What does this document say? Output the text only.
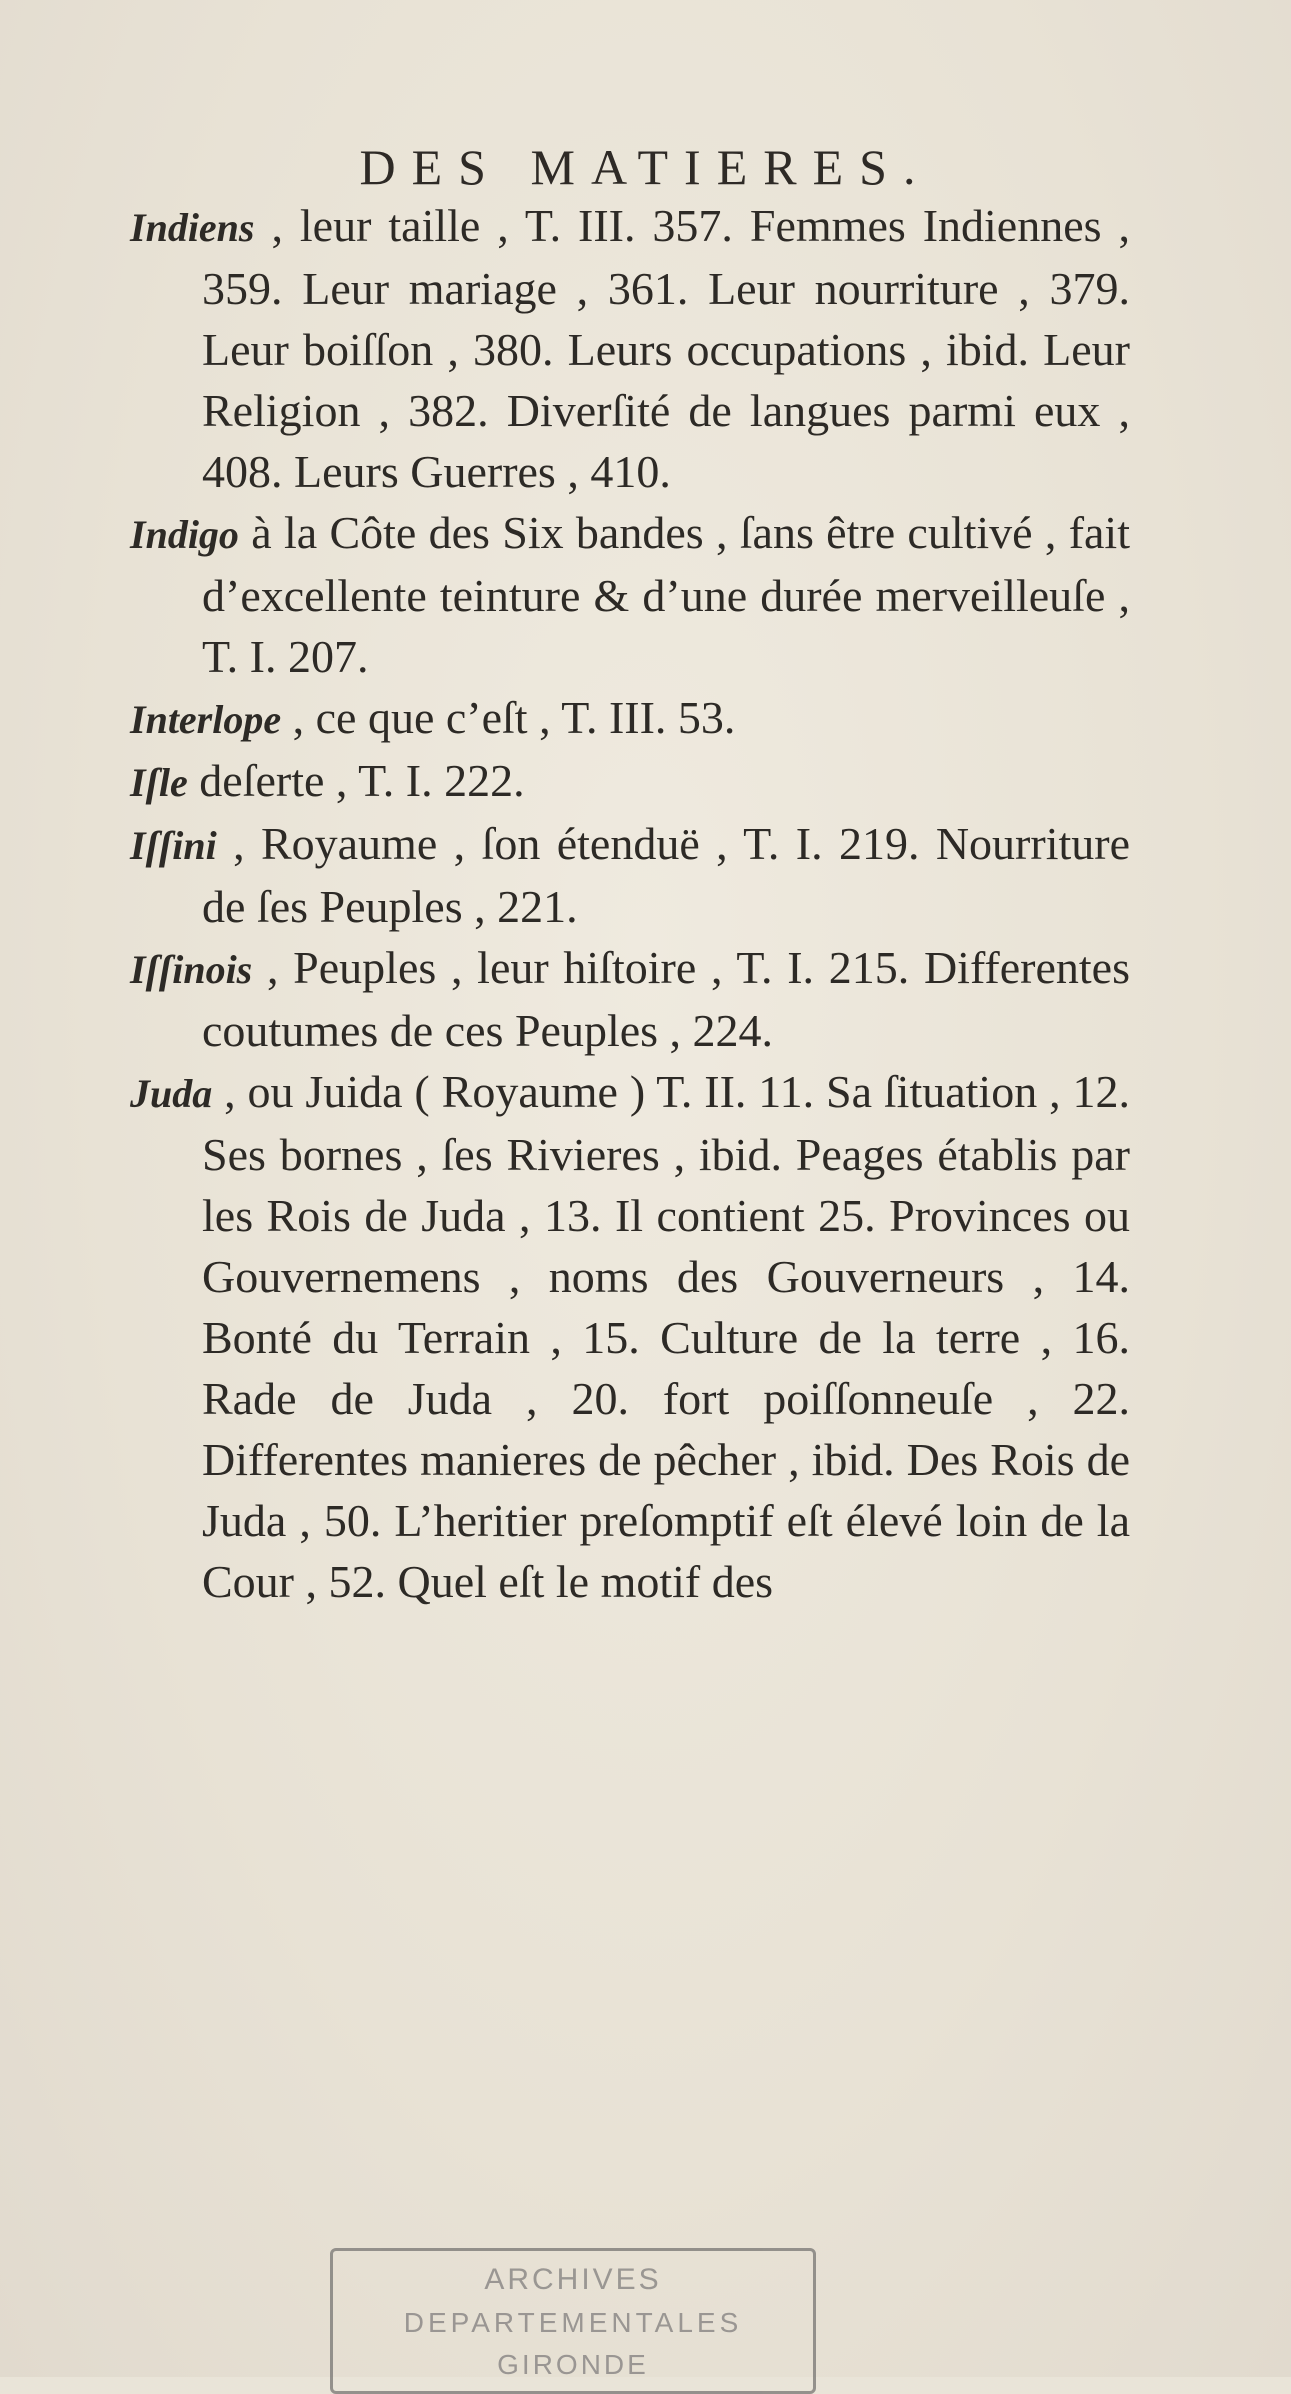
DES MATIERES.

Indiens , leur taille , T. III. 357. Femmes Indiennes , 359. Leur mariage , 361. Leur nourriture , 379. Leur boiſſon , 380. Leurs occupations , ibid. Leur Religion , 382. Diverſité de langues parmi eux , 408. Leurs Guerres , 410.

Indigo à la Côte des Six bandes , ſans être cultivé , fait d’excellente teinture & d’une durée merveilleuſe , T. I. 207.

Interlope , ce que c’eſt , T. III. 53.

Iſle deſerte , T. I. 222.

Iſſini , Royaume , ſon étenduë , T. I. 219. Nourriture de ſes Peuples , 221.

Iſſinois , Peuples , leur hiſtoire , T. I. 215. Differentes coutumes de ces Peuples , 224.

Juda , ou Juida ( Royaume ) T. II. 11. Sa ſituation , 12. Ses bornes , ſes Rivieres , ibid. Peages établis par les Rois de Juda , 13. Il contient 25. Provinces ou Gouvernemens , noms des Gouverneurs , 14. Bonté du Terrain , 15. Culture de la terre , 16. Rade de Juda , 20. fort poiſſonneuſe , 22. Differentes manieres de pêcher , ibid. Des Rois de Juda , 50. L’heritier preſomptif eſt élevé loin de la Cour , 52. Quel eſt le motif des

ARCHIVES
DEPARTEMENTALES
GIRONDE
